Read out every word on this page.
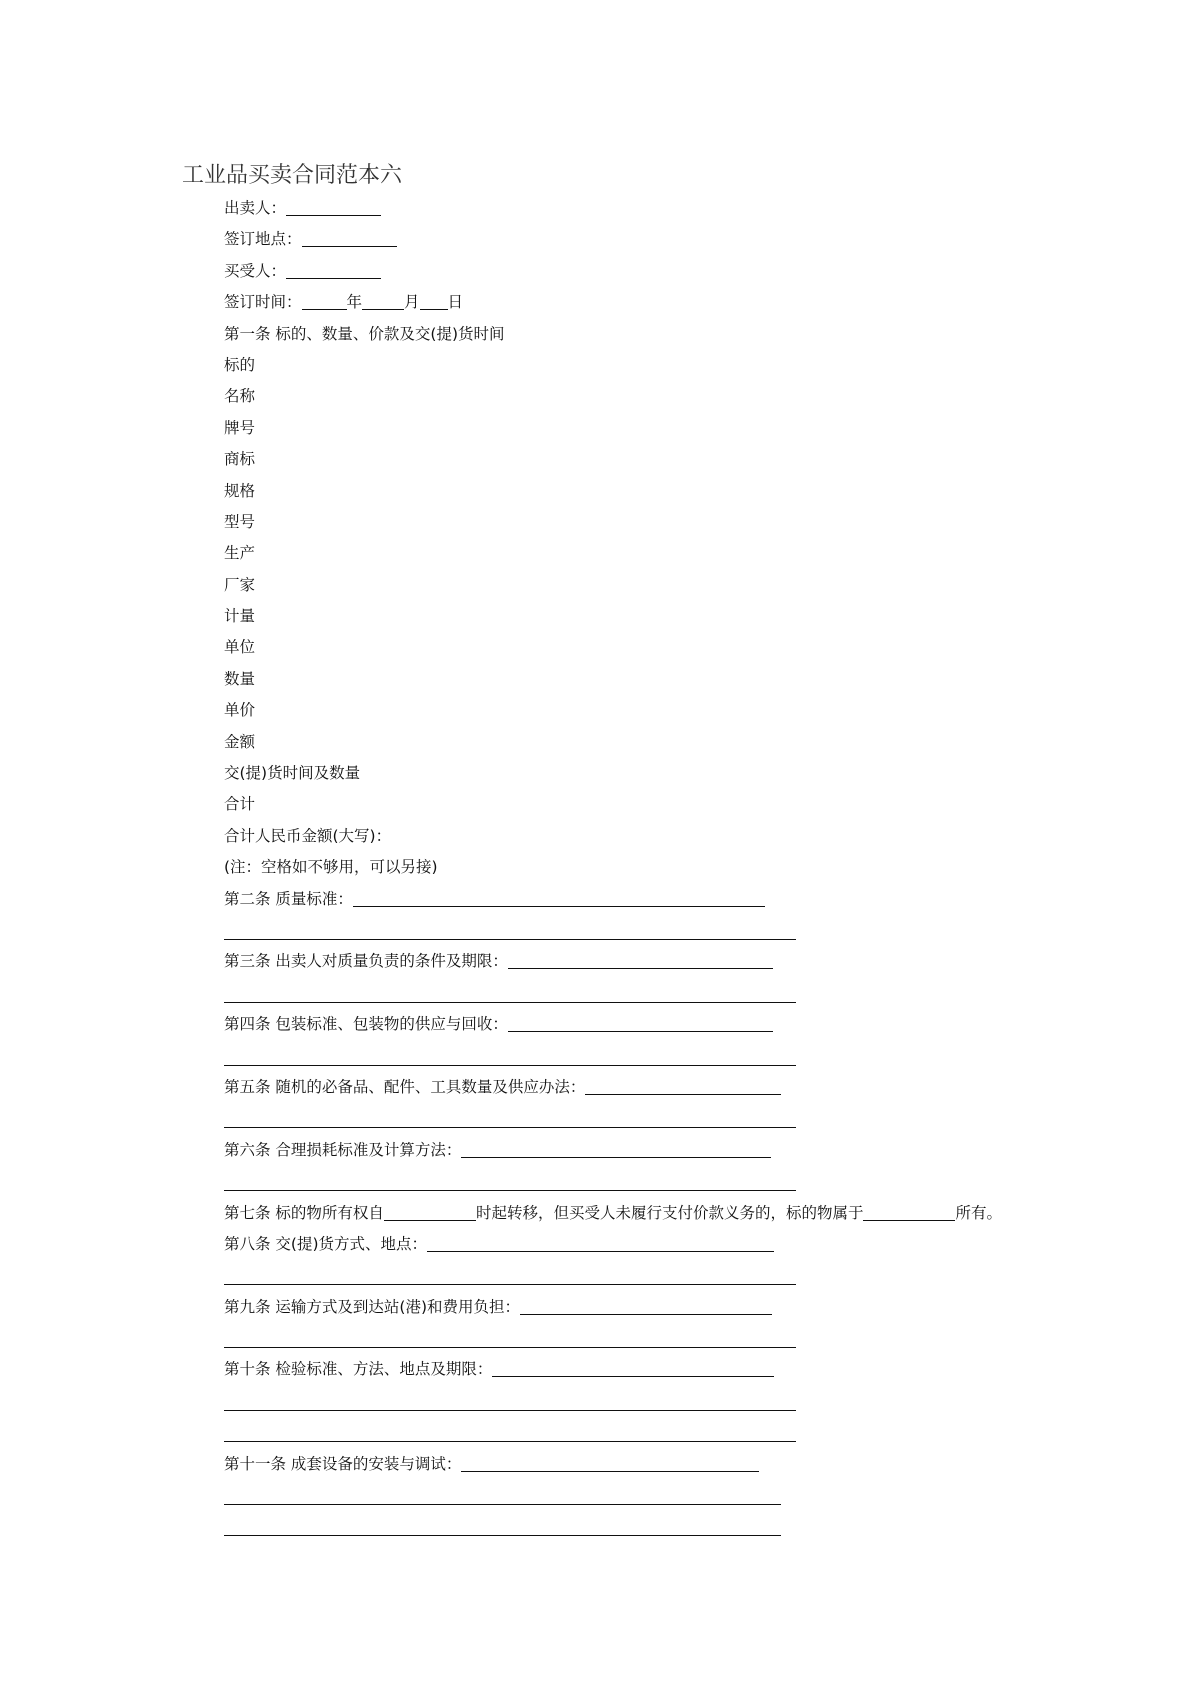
工业品买卖合同范本六
出卖人：
签订地点：
买受人：
签订时间：	年	月 日
第一条 标的、数量、价款及交(提)货时间
标的
名称
牌号
商标
规格
型号
生产
厂家
计量
单位
数量
单价
金额
交(提)货时间及数量
合计
合计人民币金额(大写)：
(注：空格如不够用，可以另接)
第二条 质量标准：
第三条 出卖人对质量负责的条件及期限：
第四条 包装标准、包装物的供应与回收：
第五条 随机的必备品、配件、工具数量及供应办法：
第六条 合理损耗标准及计算方法：
第七条 标的物所有权自	时起转移，但买受人未履行支付价款义务的，标的物属于	所有。
第八条 交(提)货方式、地点：
第九条 运输方式及到达站(港)和费用负担：
第十条 检验标准、方法、地点及期限：
第十一条 成套设备的安装与调试：
